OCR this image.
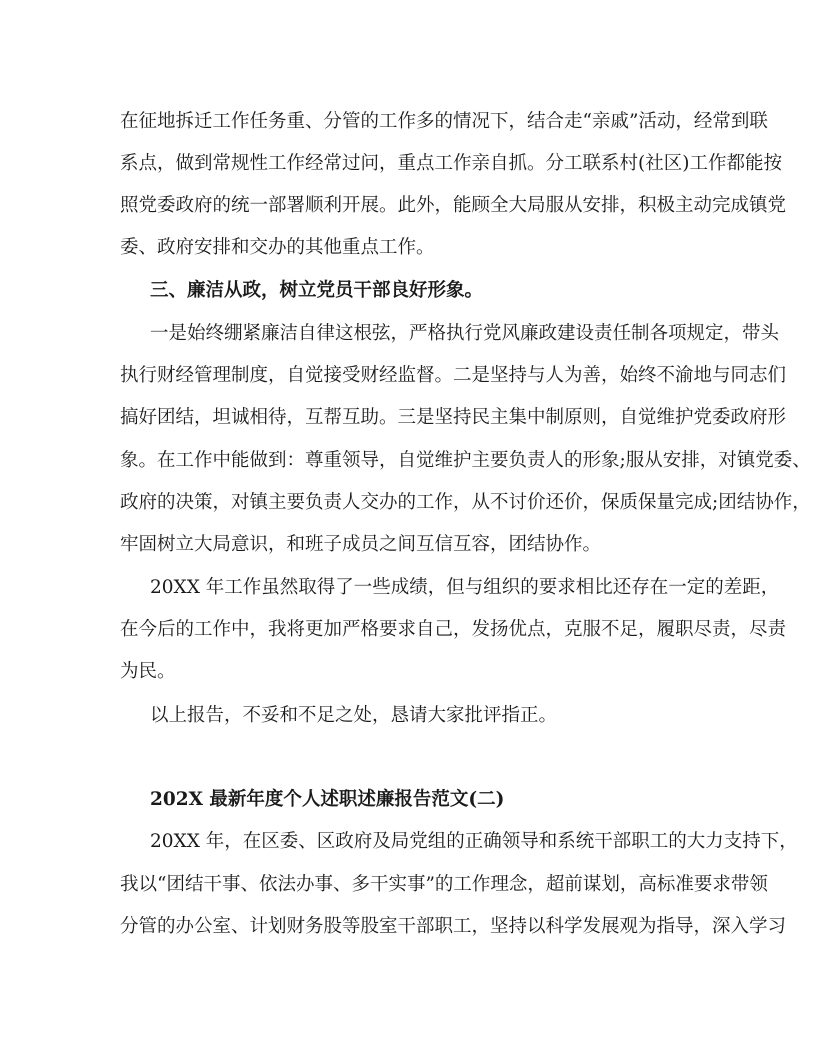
在征地拆迁工作任务重、分管的工作多的情况下，结合走“亲戚”活动，经常到联
系点，做到常规性工作经常过问，重点工作亲自抓。分工联系村(社区)工作都能按
照党委政府的统一部署顺利开展。此外，能顾全大局服从安排，积极主动完成镇党
委、政府安排和交办的其他重点工作。
三、廉洁从政，树立党员干部良好形象。
一是始终绷紧廉洁自律这根弦，严格执行党风廉政建设责任制各项规定，带头
执行财经管理制度，自觉接受财经监督。二是坚持与人为善，始终不渝地与同志们
搞好团结，坦诚相待，互帮互助。三是坚持民主集中制原则，自觉维护党委政府形
象。在工作中能做到：尊重领导，自觉维护主要负责人的形象;服从安排，对镇党委、
政府的决策，对镇主要负责人交办的工作，从不讨价还价，保质保量完成;团结协作，
牢固树立大局意识，和班子成员之间互信互容，团结协作。
20XX 年工作虽然取得了一些成绩，但与组织的要求相比还存在一定的差距，
在今后的工作中，我将更加严格要求自己，发扬优点，克服不足，履职尽责，尽责
为民。
以上报告，不妥和不足之处，恳请大家批评指正。
202X 最新年度个人述职述廉报告范文(二)
20XX 年，在区委、区政府及局党组的正确领导和系统干部职工的大力支持下，
我以“团结干事、依法办事、多干实事”的工作理念，超前谋划，高标准要求带领
分管的办公室、计划财务股等股室干部职工，坚持以科学发展观为指导，深入学习
